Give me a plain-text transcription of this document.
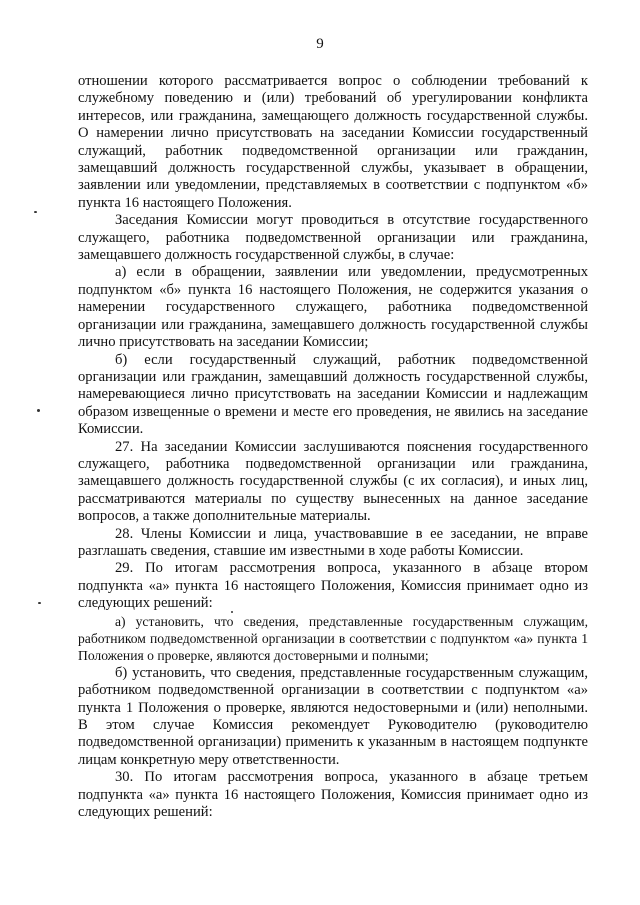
9

отношении которого рассматривается вопрос о соблюдении требований к служебному поведению и (или) требований об урегулировании конфликта интересов, или гражданина, замещающего должность государственной службы. О намерении лично присутствовать на заседании Комиссии государственный служащий, работник подведомственной организации или гражданин, замещавший должность государственной службы, указывает в обращении, заявлении или уведомлении, представляемых в соответствии с подпунктом «б» пункта 16 настоящего Положения.

Заседания Комиссии могут проводиться в отсутствие государственного служащего, работника подведомственной организации или гражданина, замещавшего должность государственной службы, в случае:

а) если в обращении, заявлении или уведомлении, предусмотренных подпунктом «б» пункта 16 настоящего Положения, не содержится указания о намерении государственного служащего, работника подведомственной организации или гражданина, замещавшего должность государственной службы лично присутствовать на заседании Комиссии;

б) если государственный служащий, работник подведомственной организации или гражданин, замещавший должность государственной службы, намеревающиеся лично присутствовать на заседании Комиссии и надлежащим образом извещенные о времени и месте его проведения, не явились на заседание Комиссии.

27. На заседании Комиссии заслушиваются пояснения государственного служащего, работника подведомственной организации или гражданина, замещавшего должность государственной службы (с их согласия), и иных лиц, рассматриваются материалы по существу вынесенных на данное заседание вопросов, а также дополнительные материалы.

28. Члены Комиссии и лица, участвовавшие в ее заседании, не вправе разглашать сведения, ставшие им известными в ходе работы Комиссии.

29. По итогам рассмотрения вопроса, указанного в абзаце втором подпункта «а» пункта 16 настоящего Положения, Комиссия принимает одно из следующих решений:

а) установить, что сведения, представленные государственным служащим, работником подведомственной организации в соответствии с подпунктом «а» пункта 1 Положения о проверке, являются достоверными и полными;

б) установить, что сведения, представленные государственным служащим, работником подведомственной организации в соответствии с подпунктом «а» пункта 1 Положения о проверке, являются недостоверными и (или) неполными. В этом случае Комиссия рекомендует Руководителю (руководителю подведомственной организации) применить к указанным в настоящем подпункте лицам конкретную меру ответственности.

30. По итогам рассмотрения вопроса, указанного в абзаце третьем подпункта «а» пункта 16 настоящего Положения, Комиссия принимает одно из следующих решений:
